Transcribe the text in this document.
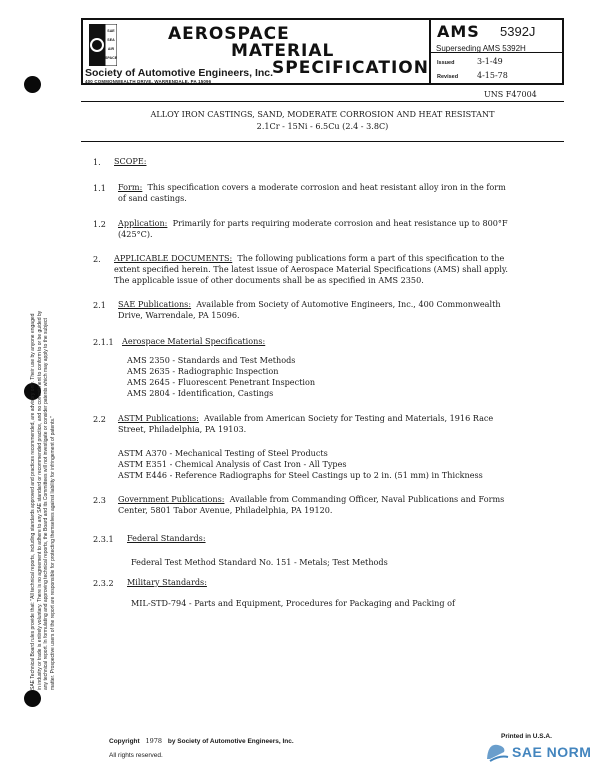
SAE
SEA
AIR
SPACE
AEROSPACE
MATERIAL
SPECIFICATION
Society of Automotive Engineers, Inc.
400 COMMONWEALTH DRIVE, WARRENDALE, PA 15096
AMS 5392J
Superseding AMS 5392H
Issued	3-1-49
Revised 4-15-78
UNS F47004
SAE Technical Board rules provide that: "All technical reports, including standards approved and practices recommended, are advisory only. Their use by anyone engaged in industry or trade is entirely voluntary. There is no agreement to adhere to any SAE standard or recommended practice, and no commitment to conform to or be guided by any technical report. In formulating and approving technical reports, the Board and its Committees will not investigate or consider patents which may apply to the subject matter. Prospective users of the report are responsible for protecting themselves against liability for infringement of patents."
ALLOY IRON CASTINGS, SAND, MODERATE CORROSION AND HEAT RESISTANT
2.1Cr - 15Ni - 6.5Cu (2.4 - 3.8C)
1. SCOPE:
1.1 Form: This specification covers a moderate corrosion and heat resistant alloy iron in the form
of sand castings.
1.2 Application: Primarily for parts requiring moderate corrosion and heat resistance up to 800°F
(425°C).
2. APPLICABLE DOCUMENTS: The following publications form a part of this specification to the
extent specified herein. The latest issue of Aerospace Material Specifications (AMS) shall apply.
The applicable issue of other documents shall be as specified in AMS 2350.
2.1 SAE Publications: Available from Society of Automotive Engineers, Inc., 400 Commonwealth
Drive, Warrendale, PA 15096.
2.1.1 Aerospace Material Specifications:
AMS 2350 - Standards and Test Methods
AMS 2635 - Radiographic Inspection
AMS 2645 - Fluorescent Penetrant Inspection
AMS 2804 - Identification, Castings
2.2 ASTM Publications: Available from American Society for Testing and Materials, 1916 Race
Street, Philadelphia, PA 19103.
ASTM A370 - Mechanical Testing of Steel Products
ASTM E351 - Chemical Analysis of Cast Iron - All Types
ASTM E446 - Reference Radiographs for Steel Castings up to 2 in. (51 mm) in Thickness
2.3 Government Publications: Available from Commanding Officer, Naval Publications and Forms
Center, 5801 Tabor Avenue, Philadelphia, PA 19120.
2.3.1 Federal Standards:
Federal Test Method Standard No. 151 - Metals; Test Methods
2.3.2 Military Standards:
MIL-STD-794 - Parts and Equipment, Procedures for Packaging and Packing of
Copyright 1978 by Society of Automotive Engineers, Inc.
All rights reserved.
Printed in U.S.A.
SAE NORM
